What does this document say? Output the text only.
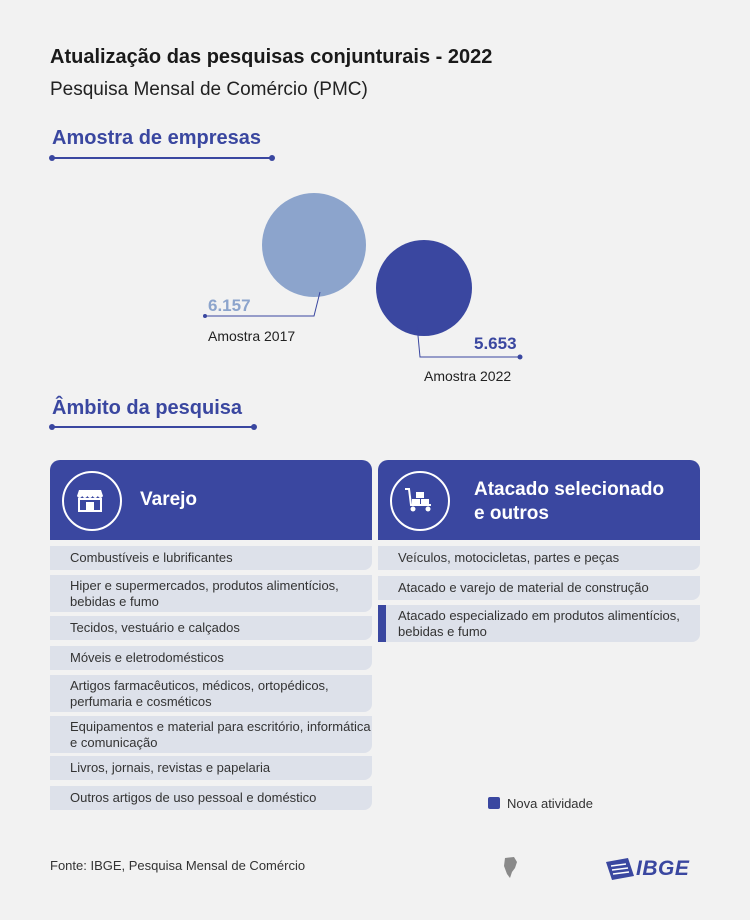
Atualização das pesquisas conjunturais - 2022
Pesquisa Mensal de Comércio (PMC)
Amostra de empresas
6.157
Amostra 2017	5.653
Amostra 2022
Âmbito da pesquisa
Varejo	Atacado selecionado
e outros
Combustíveis e lubrificantes
Hiper e supermercados, produtos alimentícios, bebidas e fumo
Tecidos, vestuário e calçados
Móveis e eletrodomésticos
Artigos farmacêuticos, médicos, ortopédicos, perfumaria e cosméticos
Equipamentos e material para escritório, informática e comunicação
Livros, jornais, revistas e papelaria
Outros artigos de uso pessoal e doméstico
Veículos, motocicletas, partes e peças
Atacado e varejo de material de construção
Atacado especializado em produtos alimentícios, bebidas e fumo
Nova atividade
Fonte: IBGE, Pesquisa Mensal de Comércio	IBGE
